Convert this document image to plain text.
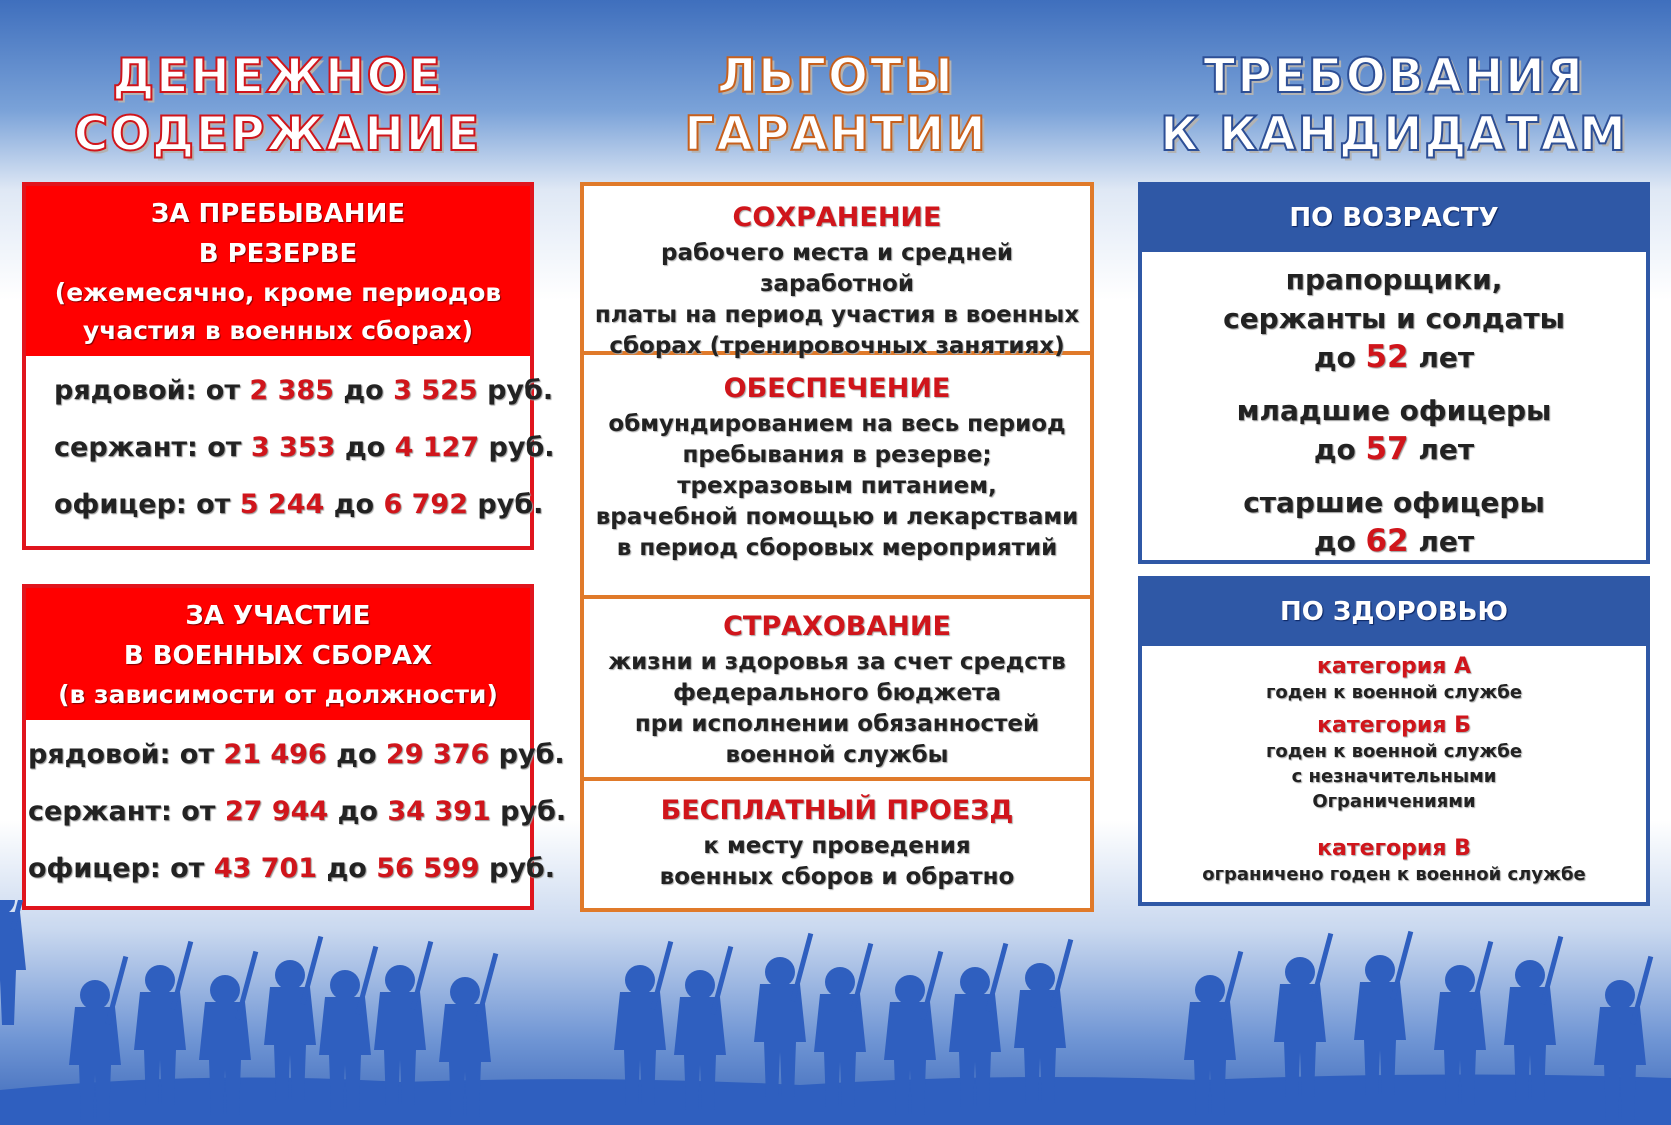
ДЕНЕЖНОЕ
СОДЕРЖАНИЕ
ЛЬГОТЫ
ГАРАНТИИ
ТРЕБОВАНИЯ
К КАНДИДАТАМ
ЗА ПРЕБЫВАНИЕ
В РЕЗЕРВЕ
(ежемесячно, кроме периодов
участия в военных сборах)
рядовой: от 2 385 до 3 525 руб.
сержант: от 3 353 до 4 127 руб.
офицер: от 5 244 до 6 792 руб.
ЗА УЧАСТИЕ
В ВОЕННЫХ СБОРАХ
(в зависимости от должности)
рядовой: от 21 496 до 29 376 руб.
сержант: от 27 944 до 34 391 руб.
офицер: от 43 701 до 56 599 руб.
СОХРАНЕНИЕ
рабочего места и средней заработной
платы на период участия в военных
сборах (тренировочных занятиях)
ОБЕСПЕЧЕНИЕ
обмундированием на весь период
пребывания в резерве;
трехразовым питанием,
врачебной помощью и лекарствами
в период сборовых мероприятий
СТРАХОВАНИЕ
жизни и здоровья за счет средств
федерального бюджета
при исполнении обязанностей
военной службы
БЕСПЛАТНЫЙ ПРОЕЗД
к месту проведения
военных сборов и обратно
ПО ВОЗРАСТУ
прапорщики,
сержанты и солдаты
до 52 лет
младшие офицеры
до 57 лет
старшие офицеры
до 62 лет
ПО ЗДОРОВЬЮ
категория А
годен к военной службе
категория Б
годен к военной службе
с незначительными
Ограничениями
категория В
ограничено годен к военной службе
